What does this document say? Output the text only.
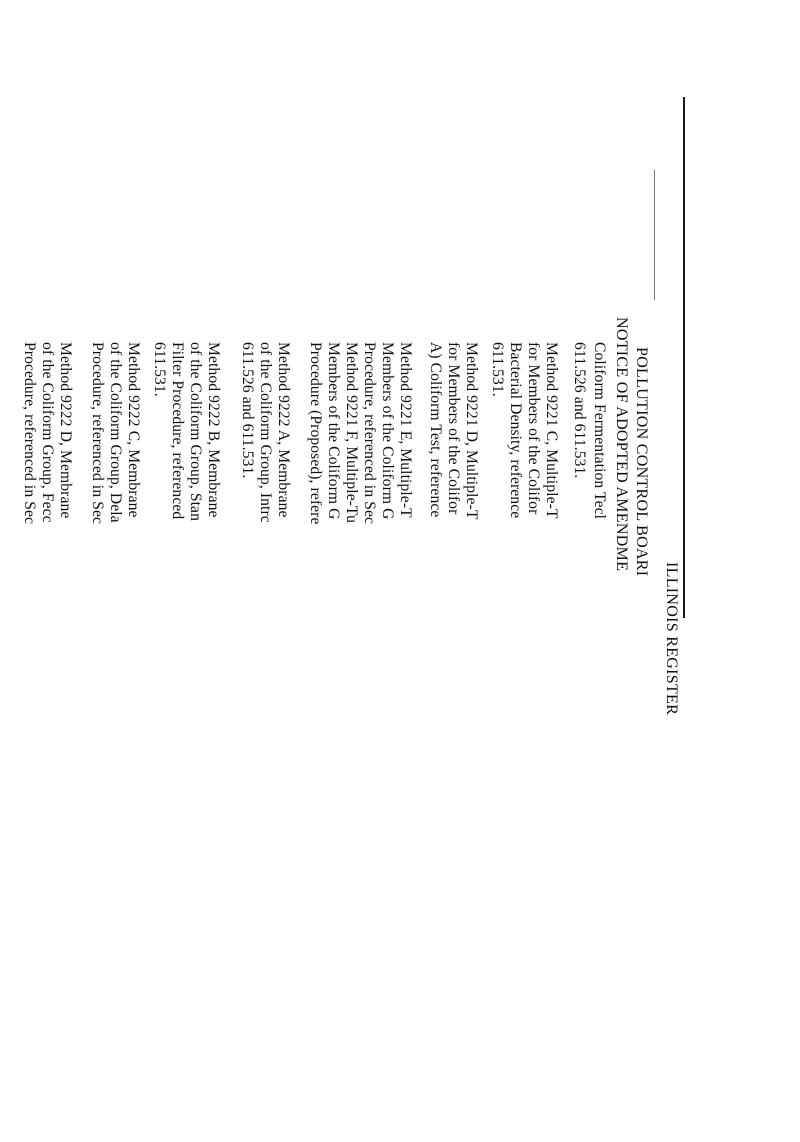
ILLINOIS REGISTER
POLLUTION CONTROL BOARI
NOTICE OF ADOPTED AMENDME
Coliform Fermentation Tecl
611.526 and 611.531.
Method 9221 C, Multiple-T
for Members of the Colifor
Bacterial Density, reference
611.531.
Method 9221 D, Multiple-T
for Members of the Colifor
A) Coliform Test, reference
Method 9221 E, Multiple-T
Members of the Coliform G
Procedure, referenced in Sec
Method 9221 F, Multiple-Tu
Members of the Coliform G
Procedure (Proposed), refere
Method 9222 A, Membrane
of the Coliform Group, Intrc
611.526 and 611.531.
Method 9222 B, Membrane
of the Coliform Group, Stan
Filter Procedure, referenced
611.531.
Method 9222 C, Membrane
of the Coliform Group, Dela
Procedure, referenced in Sec
Method 9222 D, Membrane
of the Coliform Group, Fecc
Procedure, referenced in Sec
